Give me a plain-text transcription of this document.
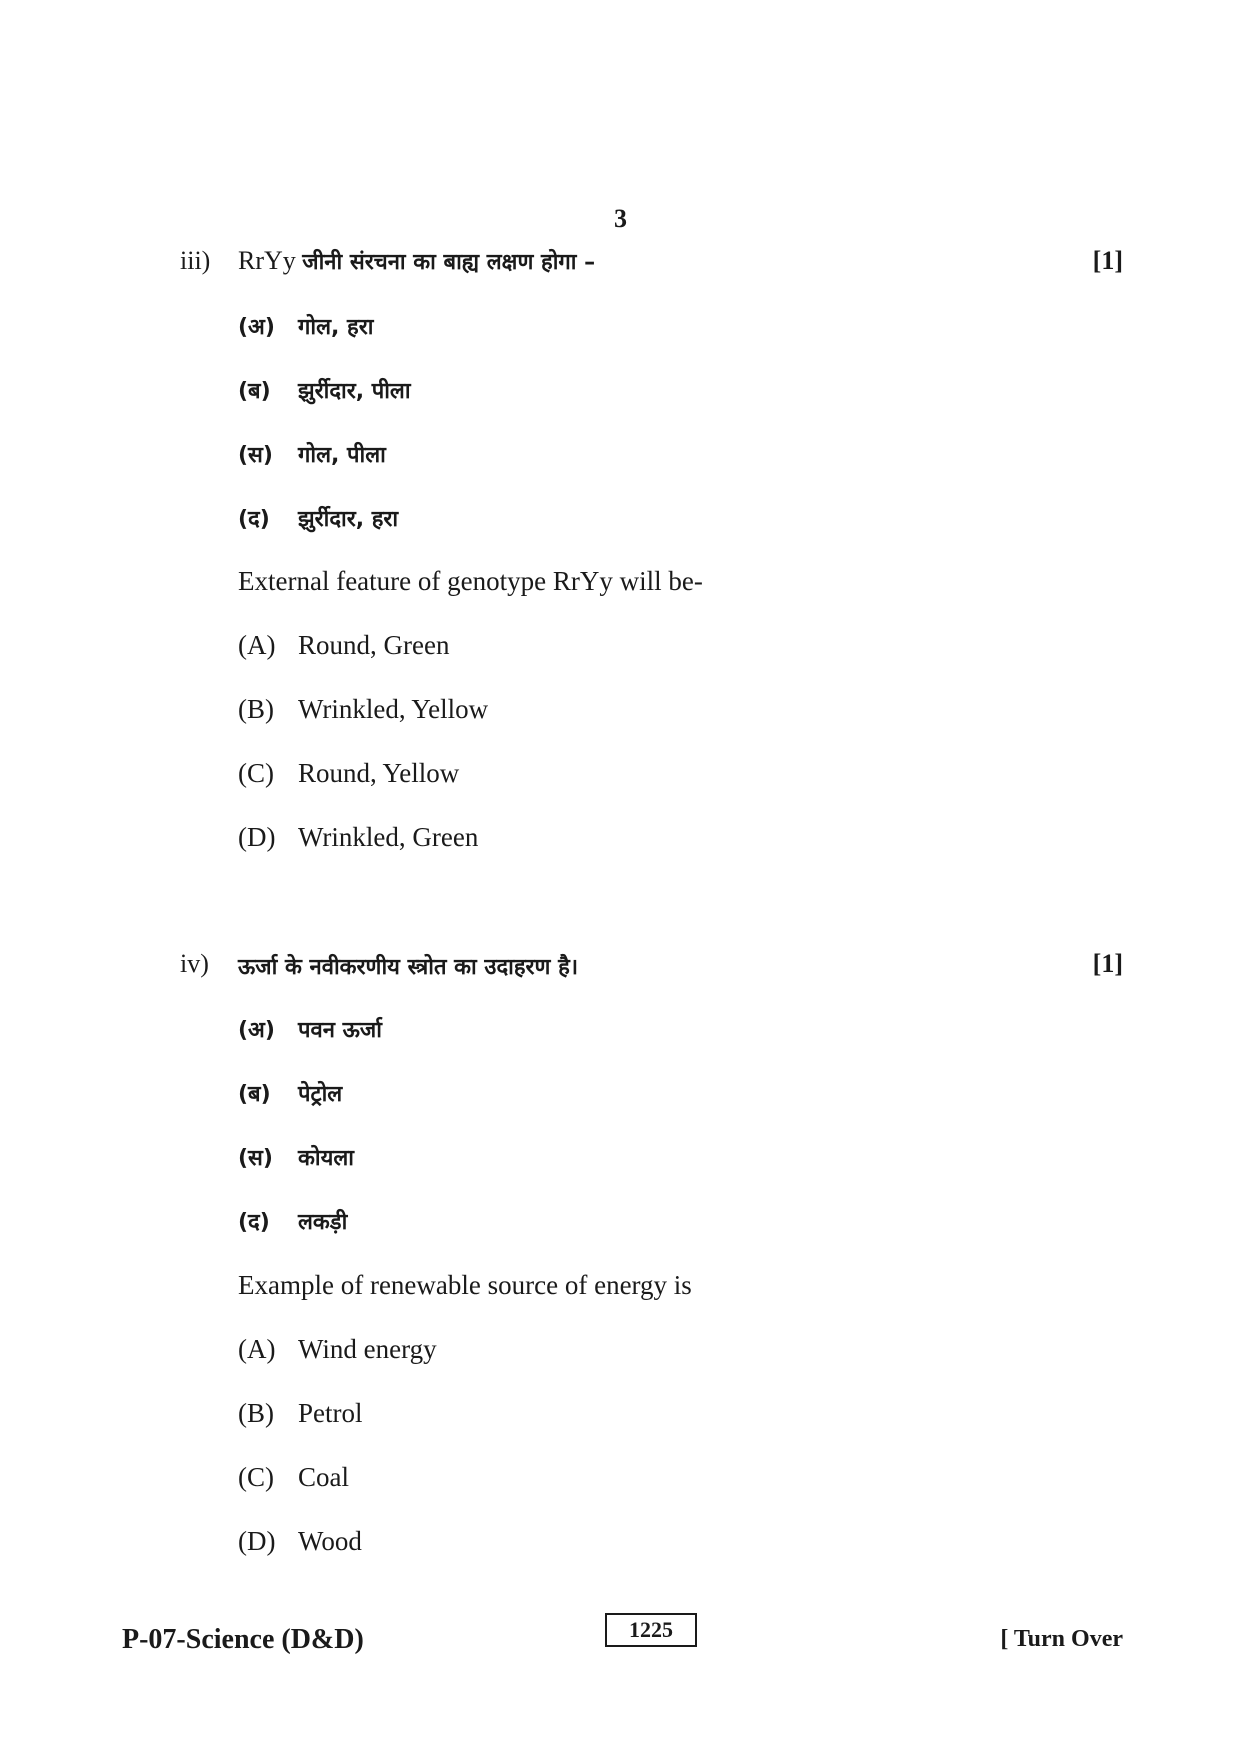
3
iii) RrYy जीनी संरचना का बाह्य लक्षण होगा –	[1]
(अ) गोल, हरा
(ब) झुर्रीदार, पीला
(स) गोल, पीला
(द) झुर्रीदार, हरा
External feature of genotype RrYy will be-
(A) Round, Green
(B) Wrinkled, Yellow
(C) Round, Yellow
(D) Wrinkled, Green
iv) ऊर्जा के नवीकरणीय स्त्रोत का उदाहरण है।	[1]
(अ) पवन ऊर्जा
(ब) पेट्रोल
(स) कोयला
(द) लकड़ी
Example of renewable source of energy is
(A) Wind energy
(B) Petrol
(C) Coal
(D) Wood
P-07-Science (D&D)	1225	[ Turn Over
